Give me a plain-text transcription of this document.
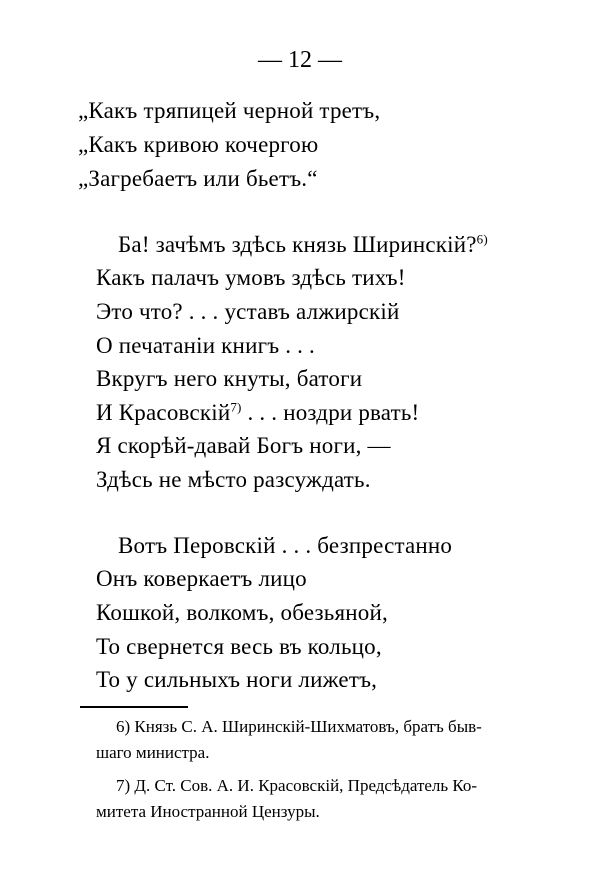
— 12 —
„Какъ тряпицей черной третъ,
„Какъ кривою кочергою
„Загребаетъ или бьетъ.“
Ба! зачѣмъ здѣсь князь Ширинскій?$^{6)}$
Какъ палачъ умовъ здѣсь тихъ!
Это что? . . . уставъ алжирскій
О печатаніи книгъ . . .
Вкругъ него кнуты, батоги
И Красовскій$^{7)}$ . . . ноздри рвать!
Я скорѣй-давай Богъ ноги, —
Здѣсь не мѣсто разсуждать.
Вотъ Перовскій . . . безпрестанно
Онъ коверкаетъ лицо
Кошкой, волкомъ, обезьяной,
То свернется весь въ кольцо,
То у сильныхъ ноги лижетъ,
6) Князь С. А. Ширинскій-Шихматовъ, братъ быв-
шаго министра.
7) Д. Ст. Сов. А. И. Красовскій, Предсѣдатель Ко-
митета Иностранной Цензуры.
